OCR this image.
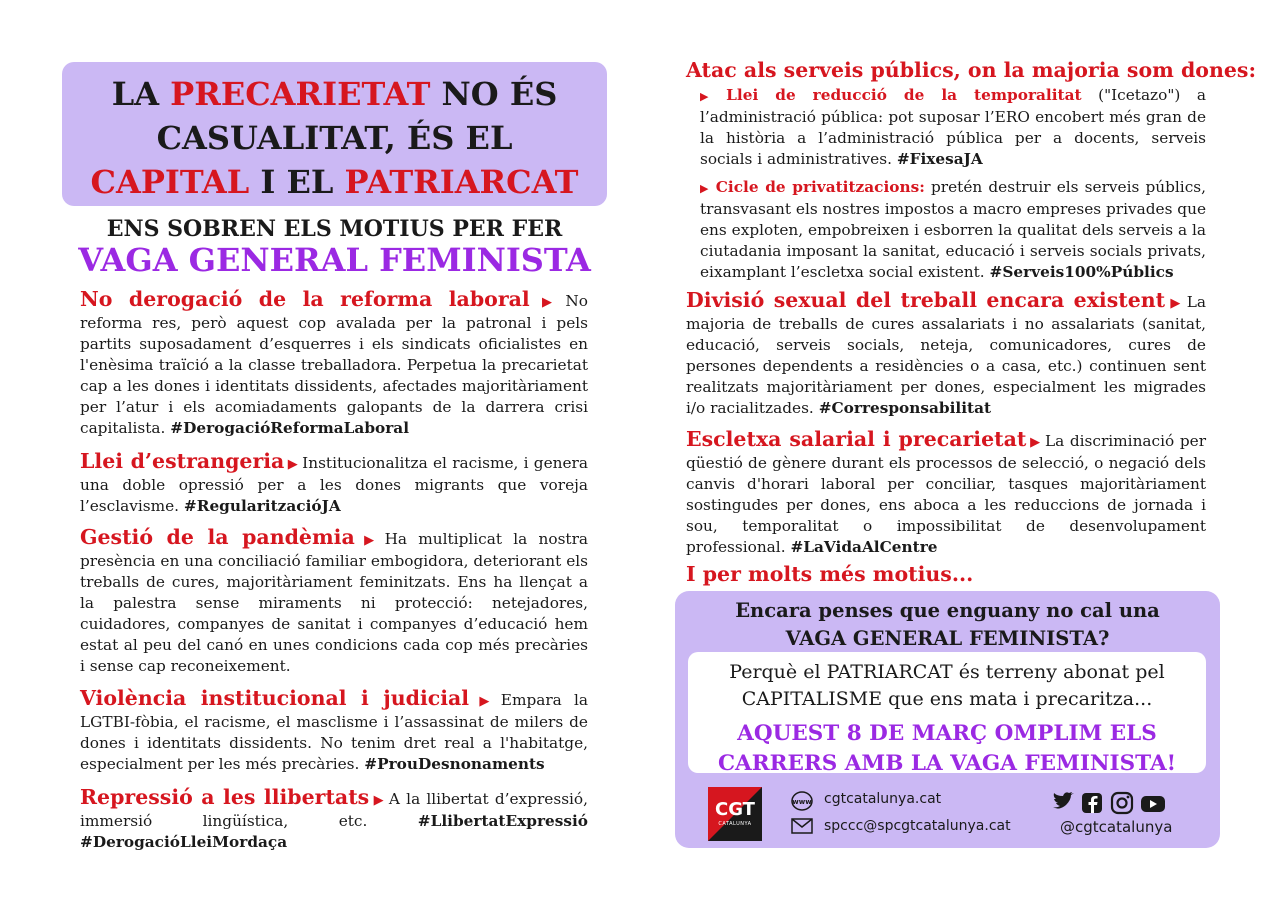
LA PRECARIETAT NO ÉS
CASUALITAT, ÉS EL
CAPITAL I EL PATRIARCAT
ENS SOBREN ELS MOTIUS PER FER
VAGA GENERAL FEMINISTA
No derogació de la reforma laboral ▶ No reforma res, però aquest cop avalada per la patronal i pels partits suposadament d’esquerres i els sindicats oficialistes en l'enèsima traïció a la classe treballadora. Perpetua la precarietat cap a les dones i identitats dissidents, afectades majoritàriament per l’atur i els acomiadaments galopants de la darrera crisi capitalista. #DerogacióReformaLaboral
Llei d’estrangeria ▶ Institucionalitza el racisme, i genera una doble opressió per a les dones migrants que voreja l’esclavisme. #RegularitzacióJA
Gestió de la pandèmia ▶ Ha multiplicat la nostra presència en una conciliació familiar embogidora, deteriorant els treballs de cures, majoritàriament feminitzats. Ens ha llençat a la palestra sense miraments ni protecció: netejadores, cuidadores, companyes de sanitat i companyes d’educació hem estat al peu del canó en unes condicions cada cop més precàries i sense cap reconeixement.
Violència institucional i judicial ▶ Empara la LGTBI-fòbia, el racisme, el masclisme i l’assassinat de milers de dones i identitats dissidents. No tenim dret real a l'habitatge, especialment per les més precàries. #ProuDesnonaments
Repressió a les llibertats ▶ A la llibertat d’expressió, immersió lingüística, etc.	#LlibertatExpressió #DerogacióLleiMordaça
Atac als serveis públics, on la majoria som dones:
▶ Llei de reducció de la temporalitat ("Icetazo") a l’administració pública: pot suposar l’ERO encobert més gran de la història a l’administració pública per a docents, serveis socials i administratives. #FixesaJA
▶ Cicle de privatitzacions: pretén destruir els serveis públics, transvasant els nostres impostos a macro empreses privades que ens exploten, empobreixen i esborren la qualitat dels serveis a la ciutadania imposant la sanitat, educació i serveis socials privats, eixamplant l’escletxa social existent. #Serveis100%Públics
Divisió sexual del treball encara existent ▶ La majoria de treballs de cures assalariats i no assalariats (sanitat, educació, serveis socials, neteja, comunicadores, cures de persones dependents a residències o a casa, etc.) continuen sent realitzats majoritàriament per dones, especialment les migrades i/o racialitzades. #Corresponsabilitat
Escletxa salarial i precarietat ▶ La discriminació per qüestió de gènere durant els processos de selecció, o negació dels canvis d'horari laboral per conciliar, tasques majoritàriament sostingudes per dones, ens aboca a les reduccions de jornada i sou, temporalitat o impossibilitat de desenvolupament professional. #LaVidaAlCentre
I per molts més motius...
Encara penses que enguany no cal una
VAGA GENERAL FEMINISTA?
Perquè el PATRIARCAT és terreny abonat pel
CAPITALISME que ens mata i precaritza...
AQUEST 8 DE MARÇ OMPLIM ELS
CARRERS AMB LA VAGA FEMINISTA!
CGT
CATALUNYA
www cgtcatalunya.cat
spccc@spcgtcatalunya.cat	@cgtcatalunya
